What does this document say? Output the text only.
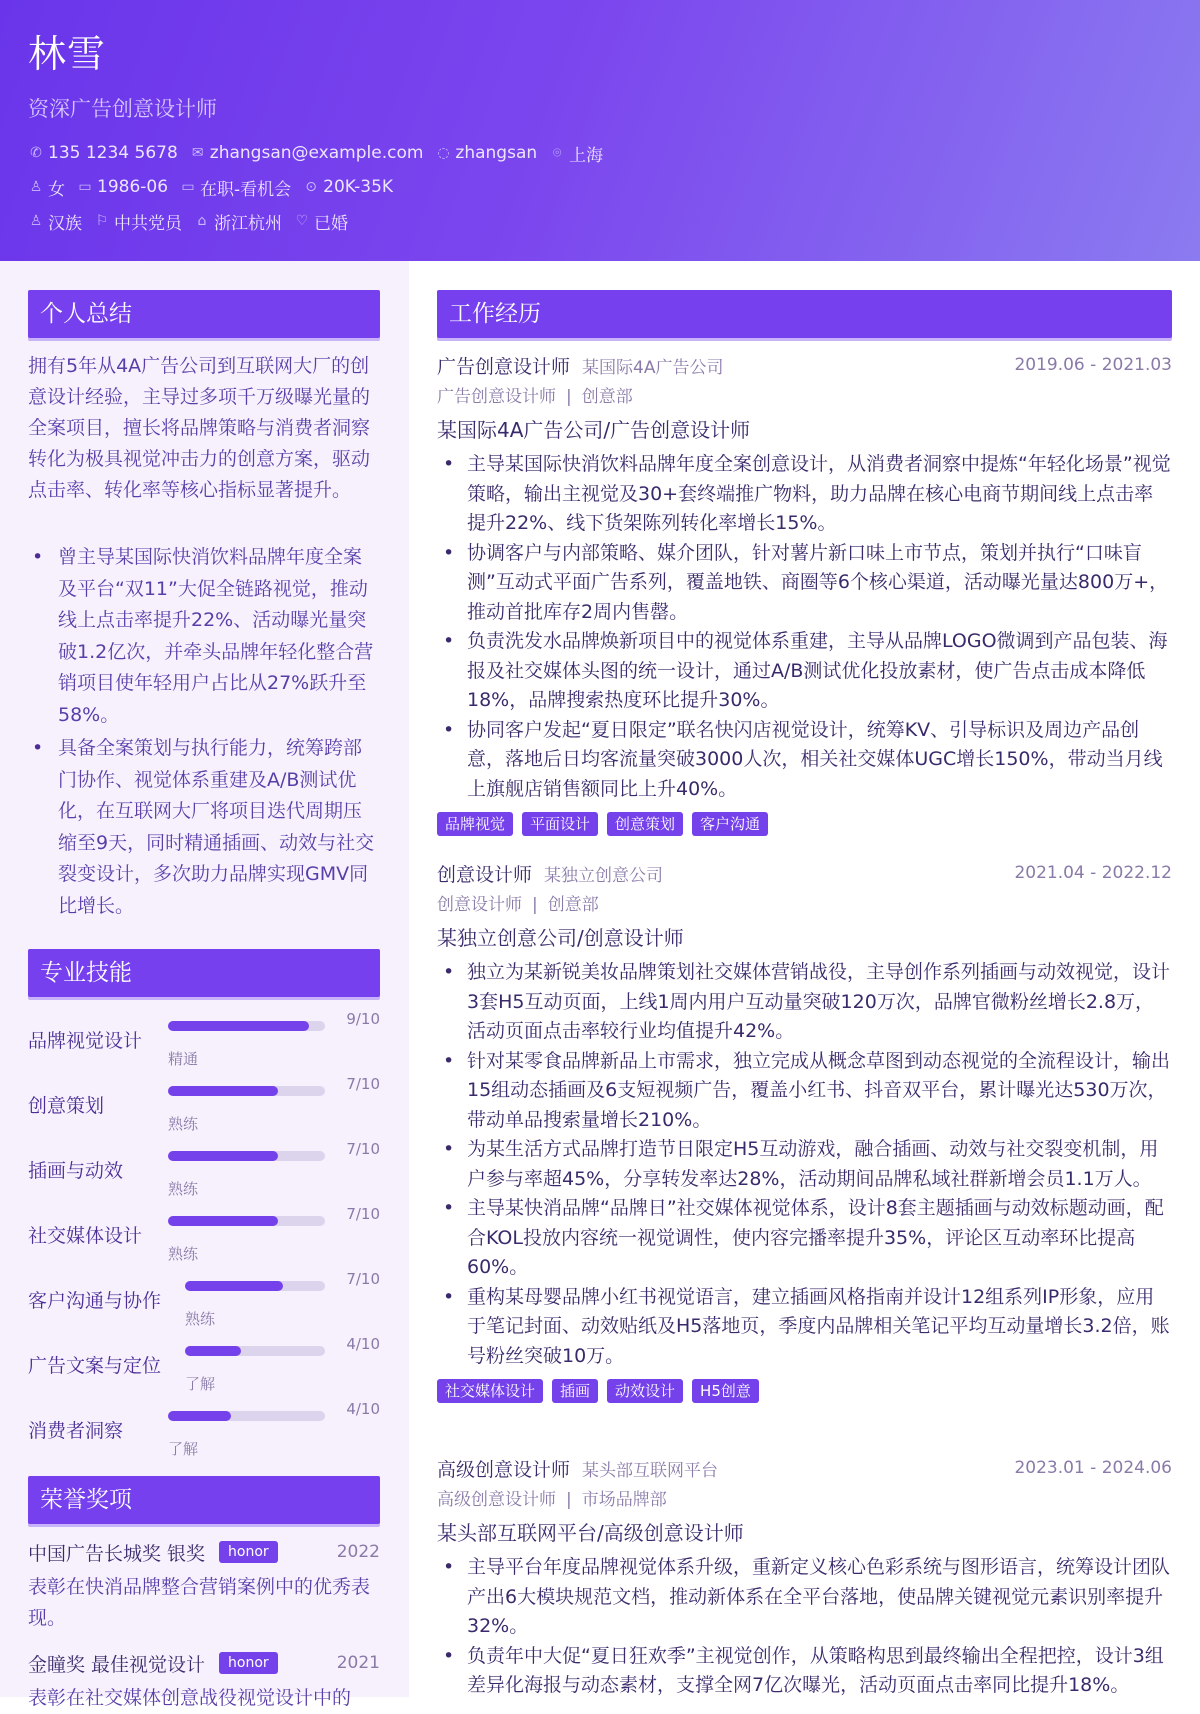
林雪
资深广告创意设计师
✆ 135 1234 5678 ✉ zhangsan@example.com ◌ zhangsan ⌾ 上海
♙ 女 ▭ 1986-06 ▭ 在职-看机会 ⊙ 20K-35K
♙ 汉族 ⚐ 中共党员 ⌂ 浙江杭州 ♡ 已婚
个人总结
拥有5年从4A广告公司到互联网大厂的创意设计经验，主导过多项千万级曝光量的全案项目，擅长将品牌策略与消费者洞察转化为极具视觉冲击力的创意方案，驱动点击率、转化率等核心指标显著提升。
• 曾主导某国际快消饮料品牌年度全案及平台“双11”大促全链路视觉，推动线上点击率提升22%、活动曝光量突破1.2亿次，并牵头品牌年轻化整合营销项目使年轻用户占比从27%跃升至58%。
• 具备全案策划与执行能力，统筹跨部门协作、视觉体系重建及A/B测试优化，在互联网大厂将项目迭代周期压缩至9天，同时精通插画、动效与社交裂变设计，多次助力品牌实现GMV同比增长。
专业技能
品牌视觉设计
9/10
精通
创意策划
7/10
熟练
插画与动效
7/10
熟练
社交媒体设计
7/10
熟练
客户沟通与协作
7/10
熟练
广告文案与定位
4/10
了解
消费者洞察
4/10
了解
荣誉奖项
中国广告长城奖 银奖	honor	2022
表彰在快消品牌整合营销案例中的优秀表现。
金瞳奖 最佳视觉设计	honor	2021
表彰在社交媒体创意战役视觉设计中的
工作经历
广告创意设计师 某国际4A广告公司	2019.06 - 2021.03
广告创意设计师 | 创意部
某国际4A广告公司/广告创意设计师
• 主导某国际快消饮料品牌年度全案创意设计，从消费者洞察中提炼“年轻化场景”视觉策略，输出主视觉及30+套终端推广物料，助力品牌在核心电商节期间线上点击率提升22%、线下货架陈列转化率增长15%。
• 协调客户与内部策略、媒介团队，针对薯片新口味上市节点，策划并执行“口味盲测”互动式平面广告系列，覆盖地铁、商圈等6个核心渠道，活动曝光量达800万+，推动首批库存2周内售罄。
• 负责洗发水品牌焕新项目中的视觉体系重建，主导从品牌LOGO微调到产品包装、海报及社交媒体头图的统一设计，通过A/B测试优化投放素材，使广告点击成本降低18%，品牌搜索热度环比提升30%。
• 协同客户发起“夏日限定”联名快闪店视觉设计，统筹KV、引导标识及周边产品创意，落地后日均客流量突破3000人次，相关社交媒体UGC增长150%，带动当月线上旗舰店销售额同比上升40%。
品牌视觉	平面设计	创意策划	客户沟通
创意设计师 某独立创意公司	2021.04 - 2022.12
创意设计师 | 创意部
某独立创意公司/创意设计师
• 独立为某新锐美妆品牌策划社交媒体营销战役，主导创作系列插画与动效视觉，设计3套H5互动页面，上线1周内用户互动量突破120万次，品牌官微粉丝增长2.8万，活动页面点击率较行业均值提升42%。
• 针对某零食品牌新品上市需求，独立完成从概念草图到动态视觉的全流程设计，输出15组动态插画及6支短视频广告，覆盖小红书、抖音双平台，累计曝光达530万次，带动单品搜索量增长210%。
• 为某生活方式品牌打造节日限定H5互动游戏，融合插画、动效与社交裂变机制，用户参与率超45%，分享转发率达28%，活动期间品牌私域社群新增会员1.1万人。
• 主导某快消品牌“品牌日”社交媒体视觉体系，设计8套主题插画与动效标题动画，配合KOL投放内容统一视觉调性，使内容完播率提升35%，评论区互动率环比提高60%。
• 重构某母婴品牌小红书视觉语言，建立插画风格指南并设计12组系列IP形象，应用于笔记封面、动效贴纸及H5落地页，季度内品牌相关笔记平均互动量增长3.2倍，账号粉丝突破10万。
社交媒体设计	插画	动效设计	H5创意
高级创意设计师 某头部互联网平台	2023.01 - 2024.06
高级创意设计师 | 市场品牌部
某头部互联网平台/高级创意设计师
• 主导平台年度品牌视觉体系升级，重新定义核心色彩系统与图形语言，统筹设计团队产出6大模块规范文档，推动新体系在全平台落地，使品牌关键视觉元素识别率提升32%。
• 负责年中大促“夏日狂欢季”主视觉创作，从策略构思到最终输出全程把控，设计3组差异化海报与动态素材，支撑全网7亿次曝光，活动页面点击率同比提升18%。
